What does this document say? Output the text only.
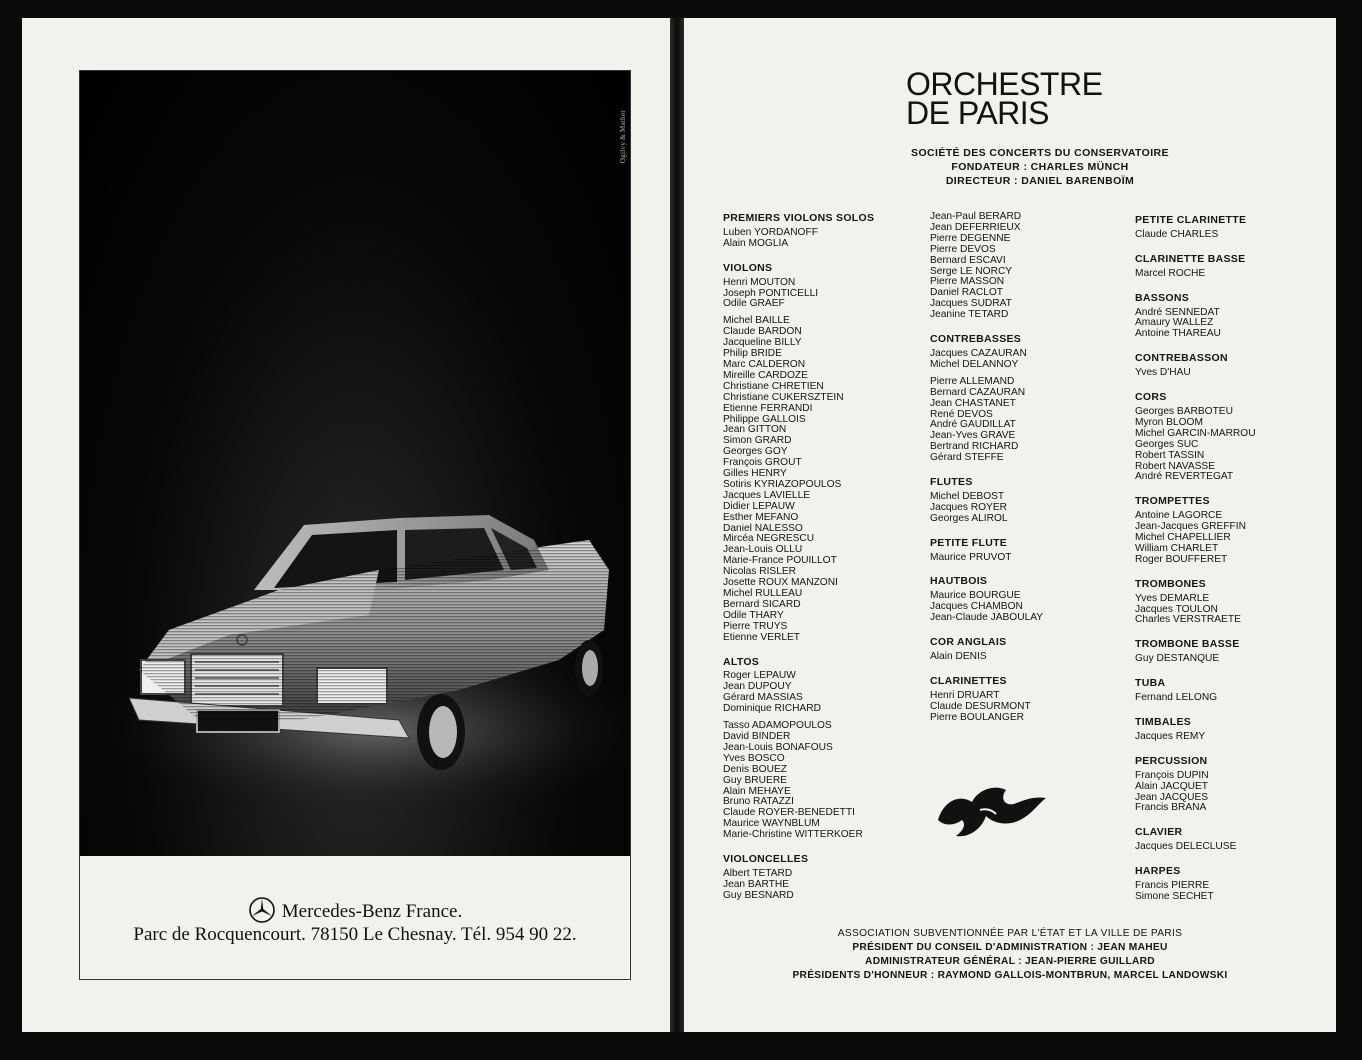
Ogilvy & Mather
Mercedes-Benz France.
Parc de Rocquencourt. 78150 Le Chesnay. Tél. 954 90 22.
ORCHESTRE
DE PARIS
SOCIÉTÉ DES CONCERTS DU CONSERVATOIRE
FONDATEUR : CHARLES MÜNCH
DIRECTEUR : DANIEL BARENBOÏM
PREMIERS VIOLONS SOLOS
Luben YORDANOFF
Alain MOGLIA
VIOLONS
Henri MOUTON
Joseph PONTICELLI
Odile GRAEF
Michel BAILLE
Claude BARDON
Jacqueline BILLY
Philip BRIDE
Marc CALDERON
Mireille CARDOZE
Christiane CHRETIEN
Christiane CUKERSZTEIN
Etienne FERRANDI
Philippe GALLOIS
Jean GITTON
Simon GRARD
Georges GOY
François GROUT
Gilles HENRY
Sotiris KYRIAZOPOULOS
Jacques LAVIELLE
Didier LEPAUW
Esther MEFANO
Daniel NALESSO
Mircéa NEGRESCU
Jean-Louis OLLU
Marie-France POUILLOT
Nicolas RISLER
Josette ROUX MANZONI
Michel RULLEAU
Bernard SICARD
Odile THARY
Pierre TRUYS
Etienne VERLET
ALTOS
Roger LEPAUW
Jean DUPOUY
Gérard MASSIAS
Dominique RICHARD
Tasso ADAMOPOULOS
David BINDER
Jean-Louis BONAFOUS
Yves BOSCO
Denis BOUEZ
Guy BRUERE
Alain MEHAYE
Bruno RATAZZI
Claude ROYER-BENEDETTI
Maurice WAYNBLUM
Marie-Christine WITTERKOER
VIOLONCELLES
Albert TETARD
Jean BARTHE
Guy BESNARD
Jean-Paul BERARD
Jean DEFERRIEUX
Pierre DEGENNE
Pierre DEVOS
Bernard ESCAVI
Serge LE NORCY
Pierre MASSON
Daniel RACLOT
Jacques SUDRAT
Jeanine TETARD
CONTREBASSES
Jacques CAZAURAN
Michel DELANNOY
Pierre ALLEMAND
Bernard CAZAURAN
Jean CHASTANET
René DEVOS
André GAUDILLAT
Jean-Yves GRAVE
Bertrand RICHARD
Gérard STEFFE
FLUTES
Michel DEBOST
Jacques ROYER
Georges ALIROL
PETITE FLUTE
Maurice PRUVOT
HAUTBOIS
Maurice BOURGUE
Jacques CHAMBON
Jean-Claude JABOULAY
COR ANGLAIS
Alain DENIS
CLARINETTES
Henri DRUART
Claude DESURMONT
Pierre BOULANGER
PETITE CLARINETTE
Claude CHARLES
CLARINETTE BASSE
Marcel ROCHE
BASSONS
André SENNEDAT
Amaury WALLEZ
Antoine THAREAU
CONTREBASSON
Yves D'HAU
CORS
Georges BARBOTEU
Myron BLOOM
Michel GARCIN-MARROU
Georges SUC
Robert TASSIN
Robert NAVASSE
André REVERTEGAT
TROMPETTES
Antoine LAGORCE
Jean-Jacques GREFFIN
Michel CHAPELLIER
William CHARLET
Roger BOUFFERET
TROMBONES
Yves DEMARLE
Jacques TOULON
Charles VERSTRAETE
TROMBONE BASSE
Guy DESTANQUE
TUBA
Fernand LELONG
TIMBALES
Jacques REMY
PERCUSSION
François DUPIN
Alain JACQUET
Jean JACQUES
Francis BRANA
CLAVIER
Jacques DELECLUSE
HARPES
Francis PIERRE
Simone SECHET
ASSOCIATION SUBVENTIONNÉE PAR L'ÉTAT ET LA VILLE DE PARIS
PRÉSIDENT DU CONSEIL D'ADMINISTRATION : JEAN MAHEU
ADMINISTRATEUR GÉNÉRAL : JEAN-PIERRE GUILLARD
PRÉSIDENTS D'HONNEUR : RAYMOND GALLOIS-MONTBRUN, MARCEL LANDOWSKI
